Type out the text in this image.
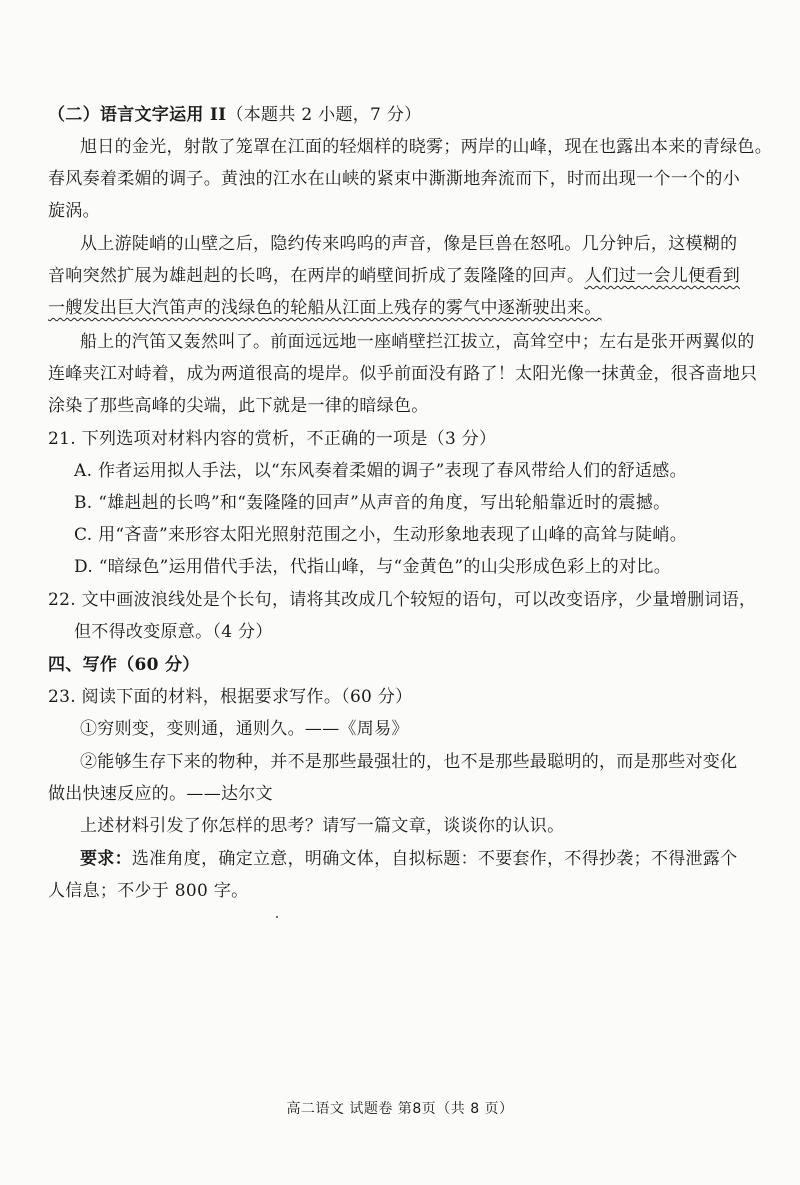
（二）语言文字运用 II（本题共 2 小题，7 分）
旭日的金光，射散了笼罩在江面的轻烟样的晓雾；两岸的山峰，现在也露出本来的青绿色。
春风奏着柔媚的调子。黄浊的江水在山峡的紧束中澌澌地奔流而下，时而出现一个一个的小
旋涡。
从上游陡峭的山壁之后，隐约传来呜呜的声音，像是巨兽在怒吼。几分钟后，这模糊的
音响突然扩展为雄赳赳的长鸣，在两岸的峭壁间折成了轰隆隆的回声。人们过一会儿便看到
一艘发出巨大汽笛声的浅绿色的轮船从江面上残存的雾气中逐渐驶出来。
船上的汽笛又轰然叫了。前面远远地一座峭壁拦江拔立，高耸空中；左右是张开两翼似的
连峰夹江对峙着，成为两道很高的堤岸。似乎前面没有路了！太阳光像一抹黄金，很吝啬地只
涂染了那些高峰的尖端，此下就是一律的暗绿色。
21. 下列选项对材料内容的赏析，不正确的一项是（3 分）
A. 作者运用拟人手法，以“东风奏着柔媚的调子”表现了春风带给人们的舒适感。
B. “雄赳赳的长鸣”和“轰隆隆的回声”从声音的角度，写出轮船靠近时的震撼。
C. 用“吝啬”来形容太阳光照射范围之小，生动形象地表现了山峰的高耸与陡峭。
D. “暗绿色”运用借代手法，代指山峰，与“金黄色”的山尖形成色彩上的对比。
22. 文中画波浪线处是个长句，请将其改成几个较短的语句，可以改变语序，少量增删词语，
但不得改变原意。（4 分）
四、写作（60 分）
23. 阅读下面的材料，根据要求写作。（60 分）
①穷则变，变则通，通则久。——《周易》
②能够生存下来的物种，并不是那些最强壮的，也不是那些最聪明的，而是那些对变化
做出快速反应的。——达尔文
上述材料引发了你怎样的思考？请写一篇文章，谈谈你的认识。
要求：选准角度，确定立意，明确文体，自拟标题：不要套作，不得抄袭；不得泄露个
人信息；不少于 800 字。
高二语文 试题卷 第8页（共 8 页）
